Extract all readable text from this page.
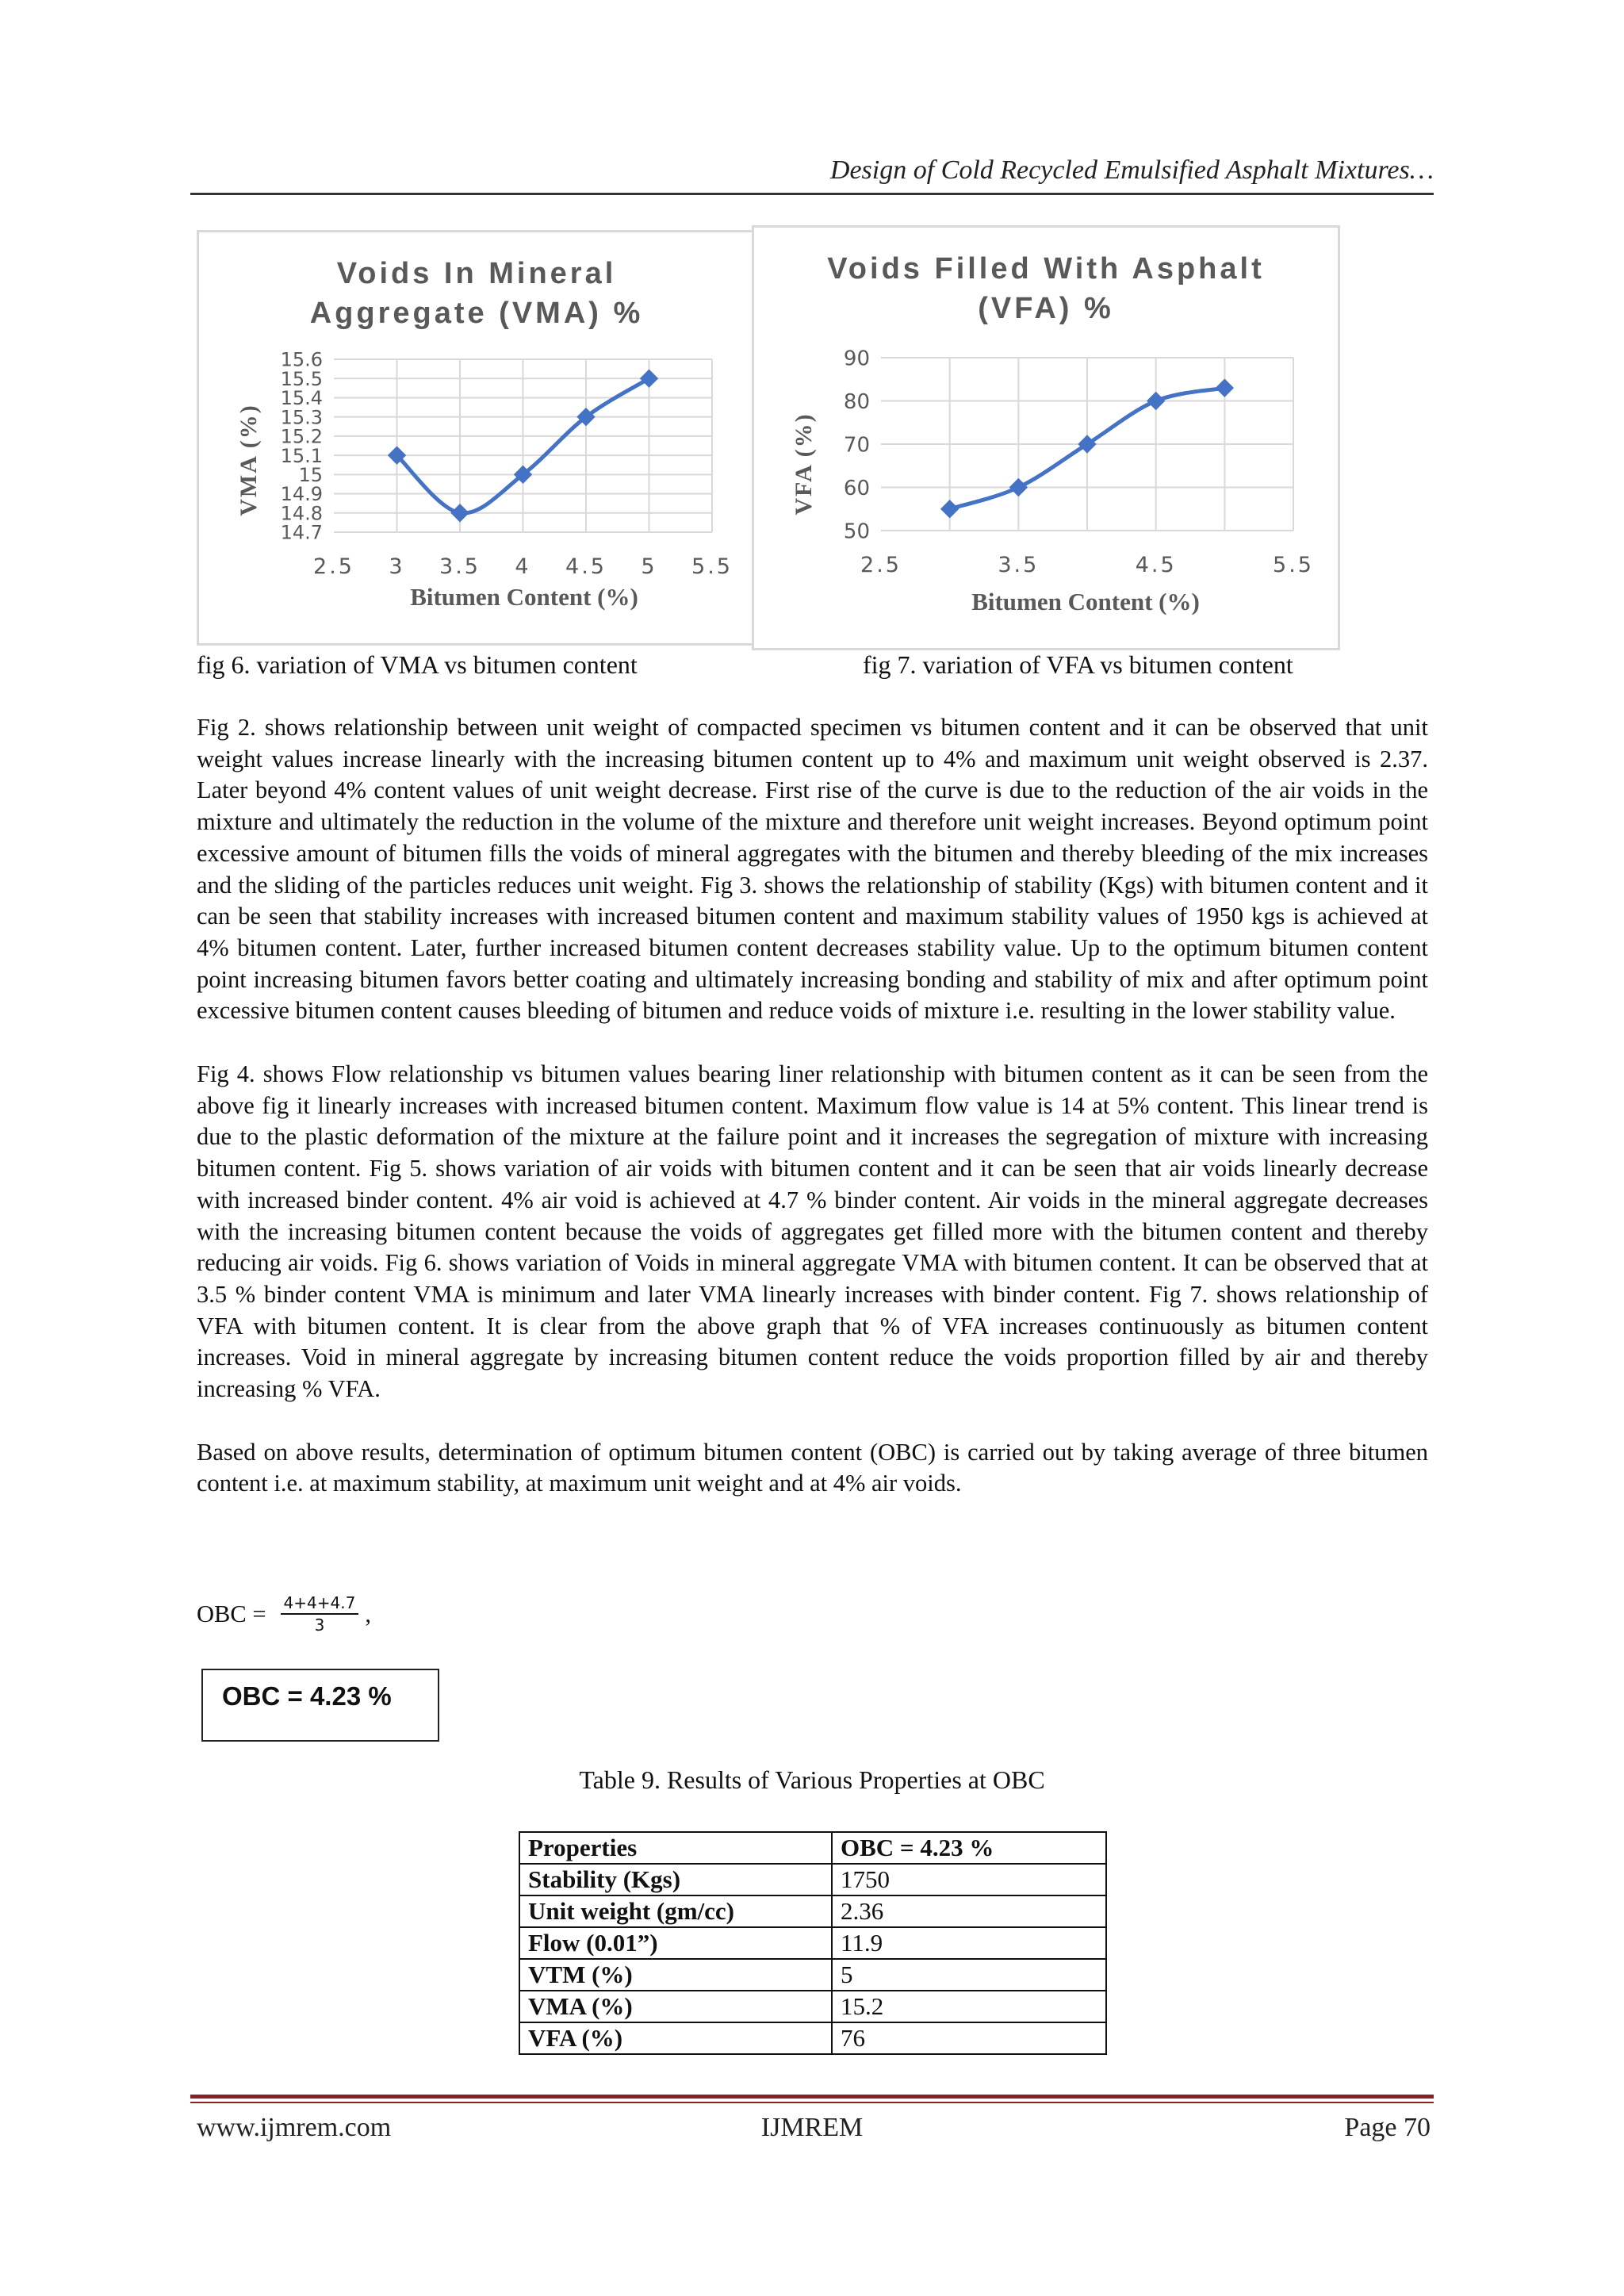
Design of Cold Recycled Emulsified Asphalt Mixtures…
Voids In Mineral
Aggregate (VMA) %
14.7
14.8
14.9
15
15.1
15.2
15.3
15.4
15.5
15.6
2.5 3 3.5 4 4.5 5 5.5
VMA (%)
Bitumen Content (%)
Voids Filled With Asphalt
(VFA) %
50
60
70
80
90
2.5	3.5	4.5	5.5
VFA (%)
Bitumen Content (%)
fig 6. variation of VMA vs bitumen content	fig 7. variation of VFA vs bitumen content

Fig 2. shows relationship between unit weight of compacted specimen vs bitumen content and it can be observed that unit weight values increase linearly with the increasing bitumen content up to 4% and maximum unit weight observed is 2.37. Later beyond 4% content values of unit weight decrease. First rise of the curve is due to the reduction of the air voids in the mixture and ultimately the reduction in the volume of the mixture and therefore unit weight increases. Beyond optimum point excessive amount of bitumen fills the voids of mineral aggregates with the bitumen and thereby bleeding of the mix increases and the sliding of the particles reduces unit weight. Fig 3. shows the relationship of stability (Kgs) with bitumen content and it can be seen that stability increases with increased bitumen content and maximum stability values of 1950 kgs is achieved at 4% bitumen content. Later, further increased bitumen content decreases stability value. Up to the optimum bitumen content point increasing bitumen favors better coating and ultimately increasing bonding and stability of mix and after optimum point excessive bitumen content causes bleeding of bitumen and reduce voids of mixture i.e. resulting in the lower stability value.

Fig 4. shows Flow relationship vs bitumen values bearing liner relationship with bitumen content as it can be seen from the above fig it linearly increases with increased bitumen content. Maximum flow value is 14 at 5% content. This linear trend is due to the plastic deformation of the mixture at the failure point and it increases the segregation of mixture with increasing bitumen content. Fig 5. shows variation of air voids with bitumen content and it can be seen that air voids linearly decrease with increased binder content. 4% air void is achieved at 4.7 % binder content. Air voids in the mineral aggregate decreases with the increasing bitumen content because the voids of aggregates get filled more with the bitumen content and thereby reducing air voids. Fig 6. shows variation of Voids in mineral aggregate VMA with bitumen content. It can be observed that at 3.5 % binder content VMA is minimum and later VMA linearly increases with binder content. Fig 7. shows relationship of VFA with bitumen content. It is clear from the above graph that % of VFA increases continuously as bitumen content increases. Void in mineral aggregate by increasing bitumen content reduce the voids proportion filled by air and thereby increasing % VFA.

Based on above results, determination of optimum bitumen content (OBC) is carried out by taking average of three bitumen content i.e. at maximum stability, at maximum unit weight and at 4% air voids.

OBC = $\frac{4+4+4.7}{3}$ ,
OBC = 4.23 %
Table 9. Results of Various Properties at OBC
Properties	OBC = 4.23 %
Stability (Kgs)	1750
Unit weight (gm/cc)	2.36
Flow (0.01”)	11.9
VTM (%)	5
VMA (%)	15.2
VFA (%)	76
www.ijmrem.com	IJMREM	Page 70
